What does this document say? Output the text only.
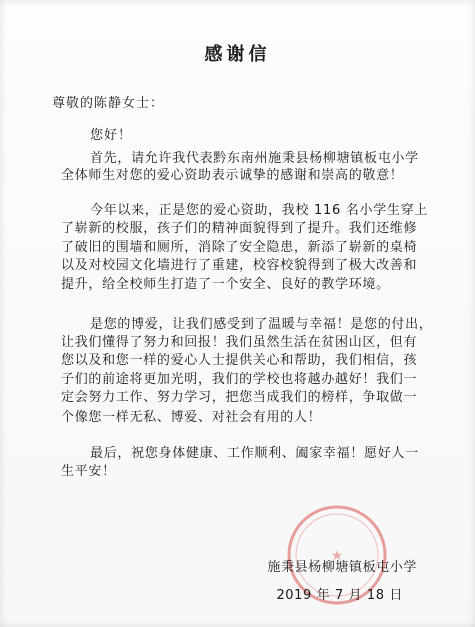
感谢信
尊敬的陈静女士：
您好！
首先，请允许我代表黔东南州施秉县杨柳塘镇板屯小学
全体师生对您的爱心资助表示诚挚的感谢和崇高的敬意！
今年以来，正是您的爱心资助，我校 116 名小学生穿上
了崭新的校服，孩子们的精神面貌得到了提升。我们还维修
了破旧的围墙和厕所，消除了安全隐患，新添了崭新的桌椅
以及对校园文化墙进行了重建，校容校貌得到了极大改善和
提升，给全校师生打造了一个安全、良好的教学环境。
是您的博爱，让我们感受到了温暖与幸福！是您的付出，
让我们懂得了努力和回报！我们虽然生活在贫困山区，但有
您以及和您一样的爱心人士提供关心和帮助，我们相信，孩
子们的前途将更加光明，我们的学校也将越办越好！我们一
定会努力工作、努力学习，把您当成我们的榜样，争取做一
个像您一样无私、博爱、对社会有用的人！
最后，祝您身体健康、工作顺利、阖家幸福！愿好人一
生平安！
★
施秉县杨柳塘镇板屯小学
2019 年 7 月 18 日
